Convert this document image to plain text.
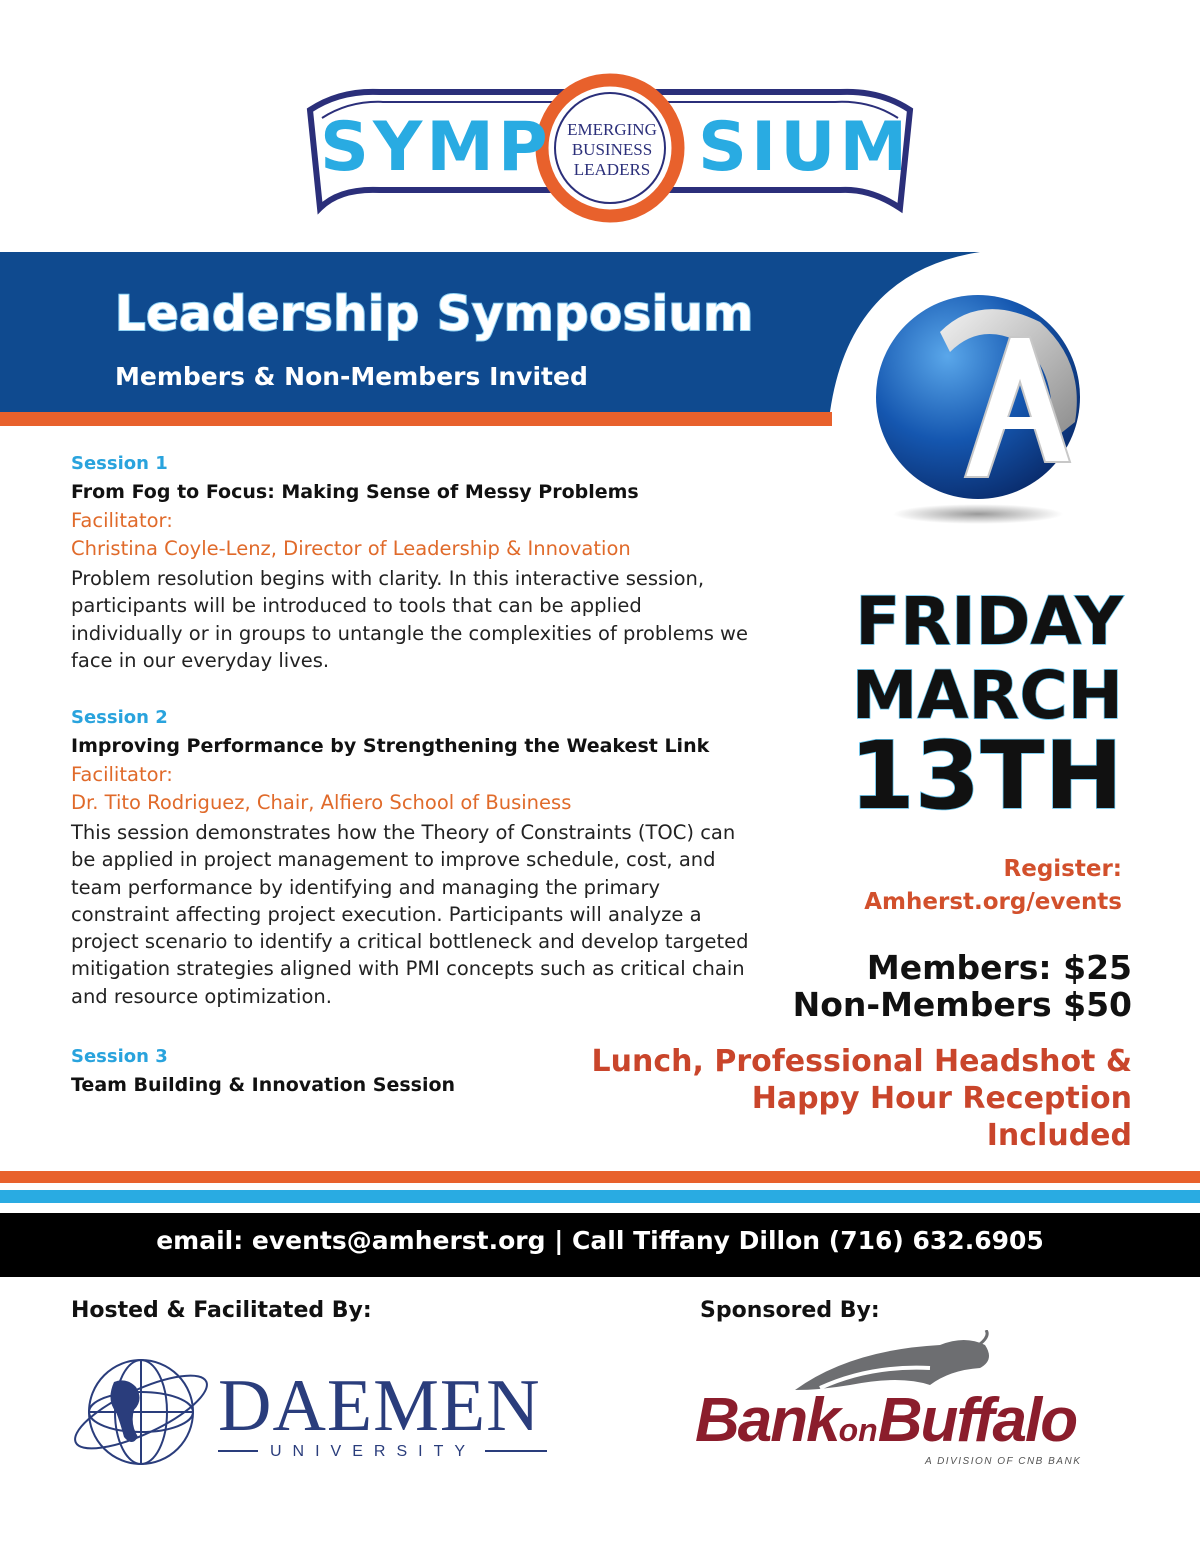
SYMP SIUM
EMERGING
BUSINESS
LEADERS
Leadership Symposium
Members & Non-Members Invited
Session 1
From Fog to Focus: Making Sense of Messy Problems
Facilitator:
Christina Coyle-Lenz, Director of Leadership & Innovation
Problem resolution begins with clarity. In this interactive session,
participants will be introduced to tools that can be applied
individually or in groups to untangle the complexities of problems we
face in our everyday lives.
Session 2
Improving Performance by Strengthening the Weakest Link
Facilitator:
Dr. Tito Rodriguez, Chair, Alfiero School of Business
This session demonstrates how the Theory of Constraints (TOC) can
be applied in project management to improve schedule, cost, and
team performance by identifying and managing the primary
constraint affecting project execution. Participants will analyze a
project scenario to identify a critical bottleneck and develop targeted
mitigation strategies aligned with PMI concepts such as critical chain
and resource optimization.
Session 3
Team Building & Innovation Session
FRIDAY
MARCH
13TH
Register:
Amherst.org/events
Members: $25
Non-Members $50
Lunch, Professional Headshot &
Happy Hour Reception
Included
email: events@amherst.org | Call Tiffany Dillon (716) 632.6905
Hosted & Facilitated By:	Sponsored By:
DAEMEN
UNIVERSITY	BankonBuffalo
A DIVISION OF CNB BANK
